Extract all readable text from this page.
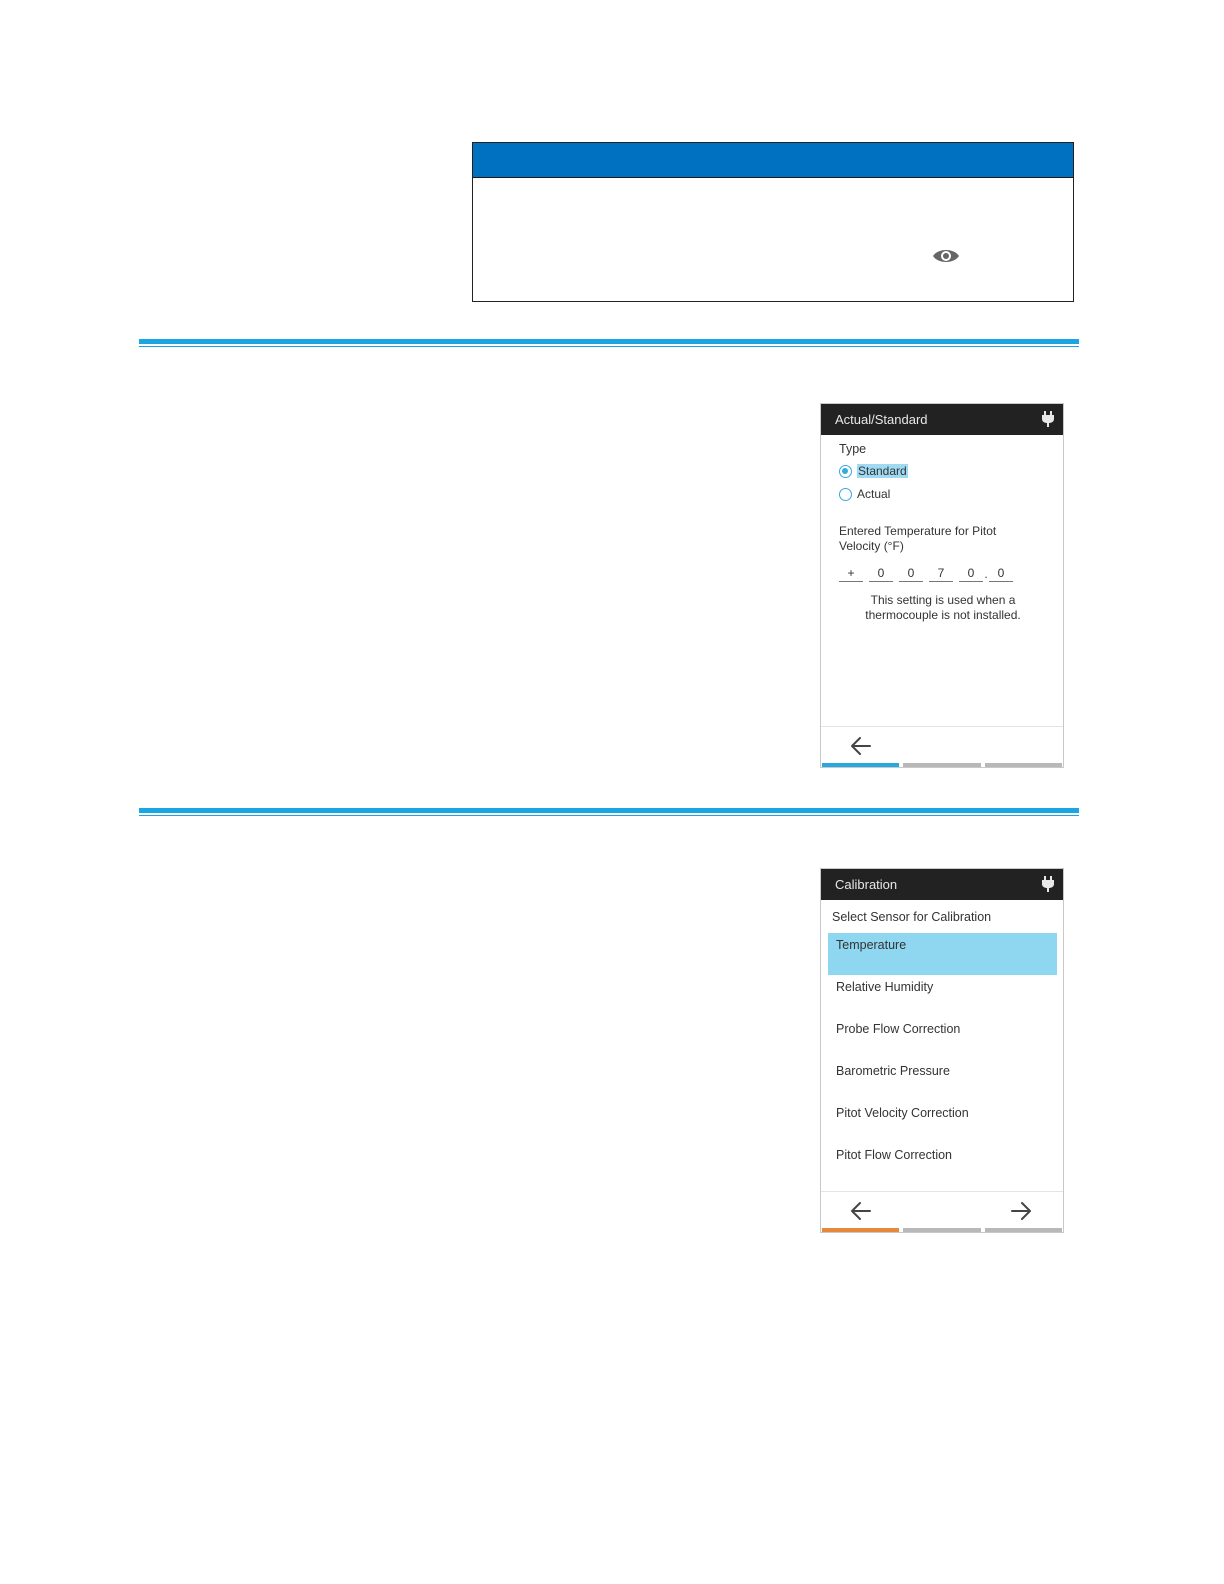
Actual/Standard
Type
Standard
Actual
Entered Temperature for Pitot Velocity (°F)
+	0	0	7	0 . 0
This setting is used when a thermocouple is not installed.
Calibration
Select Sensor for Calibration
Temperature
Relative Humidity
Probe Flow Correction
Barometric Pressure
Pitot Velocity Correction
Pitot Flow Correction
